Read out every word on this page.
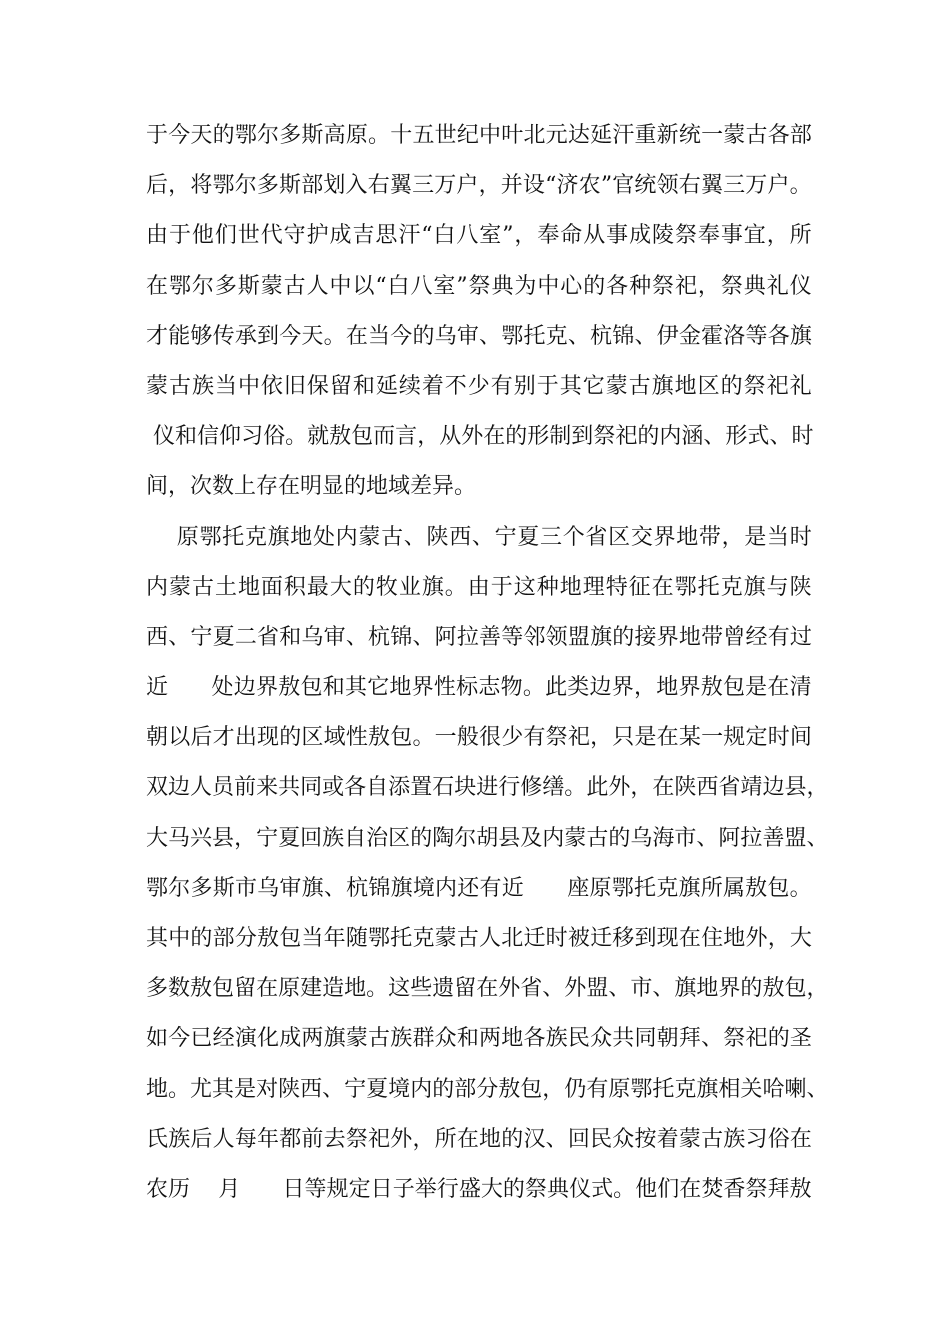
于 今 天 的 鄂 尔 多 斯 高 原 。 十 五 世 纪 中 叶 北 元 达 延 汗 重 新 统 一 蒙 古 各 部
后 ， 将 鄂 尔 多 斯 部 划 入 右 翼 三 万 户 ， 并 设 “ 济 农 ” 官 统 领 右 翼 三 万 户 。
由 于 他 们 世 代 守 护 成 吉 思 汗 “ 白 八 室 ” ， 奉 命 从 事 成 陵 祭 奉 事 宜 ， 所
在 鄂 尔 多 斯 蒙 古 人 中 以 “ 白 八 室 ” 祭 典 为 中 心 的 各 种 祭 祀 ， 祭 典 礼 仪
才 能 够 传 承 到 今 天 。 在 当 今 的 乌 审 、 鄂 托 克 、 杭 锦 、 伊 金 霍 洛 等 各 旗
蒙 古 族 当 中 依 旧 保 留 和 延 续 着 不 少 有 别 于 其 它 蒙 古 旗 地 区 的 祭 祀 礼

仪 和 信 仰 习 俗 。 就 敖 包 而 言 ， 从 外 在 的 形 制 到 祭 祀 的 内 涵 、 形 式 、 时
间，次数上存在明显的地域差异。

原 鄂 托 克 旗 地 处 内 蒙 古 、 陕 西 、 宁 夏 三 个 省 区 交 界 地 带 ， 是 当 时
内 蒙 古 土 地 面 积 最 大 的 牧 业 旗 。 由 于 这 种 地 理 特 征 在 鄂 托 克 旗 与 陕
西 、 宁 夏 二 省 和 乌 审 、 杭 锦 、 阿 拉 善 等 邻 领 盟 旗 的 接 界 地 带 曾 经 有 过
近

处 边 界 敖 包 和 其 它 地 界 性 标 志 物 。 此 类 边 界 ， 地 界 敖 包 是 在 清
朝 以 后 才 出 现 的 区 域 性 敖 包 。 一 般 很 少 有 祭 祀 ， 只 是 在 某 一 规 定 时 间
双 边 人 员 前 来 共 同 或 各 自 添 置 石 块 进 行 修 缮 。 此 外 ， 在 陕 西 省 靖 边 县 ，
大 马 兴 县 ， 宁 夏 回 族 自 治 区 的 陶 尔 胡 县 及 内 蒙 古 的 乌 海 市 、 阿 拉 善 盟 、
鄂 尔 多 斯 市 乌 审 旗 、 杭 锦 旗 境 内 还 有 近

座 原 鄂 托 克 旗 所 属 敖 包 。
其 中 的 部 分 敖 包 当 年 随 鄂 托 克 蒙 古 人 北 迁 时 被 迁 移 到 现 在 住 地 外 ， 大
多 数 敖 包 留 在 原 建 造 地 。 这 些 遗 留 在 外 省 、 外 盟 、 市 、 旗 地 界 的 敖 包 ，
如 今 已 经 演 化 成 两 旗 蒙 古 族 群 众 和 两 地 各 族 民 众 共 同 朝 拜 、 祭 祀 的 圣
地 。 尤 其 是 对 陕 西 、 宁 夏 境 内 的 部 分 敖 包 ， 仍 有 原 鄂 托 克 旗 相 关 哈 喇 、
氏 族 后 人 每 年 都 前 去 祭 祀 外 ， 所 在 地 的 汉 、 回 民 众 按 着 蒙 古 族 习 俗 在
农 历

月

日 等 规 定 日 子 举 行 盛 大 的 祭 典 仪 式 。 他 们 在 焚 香 祭 拜 敖
